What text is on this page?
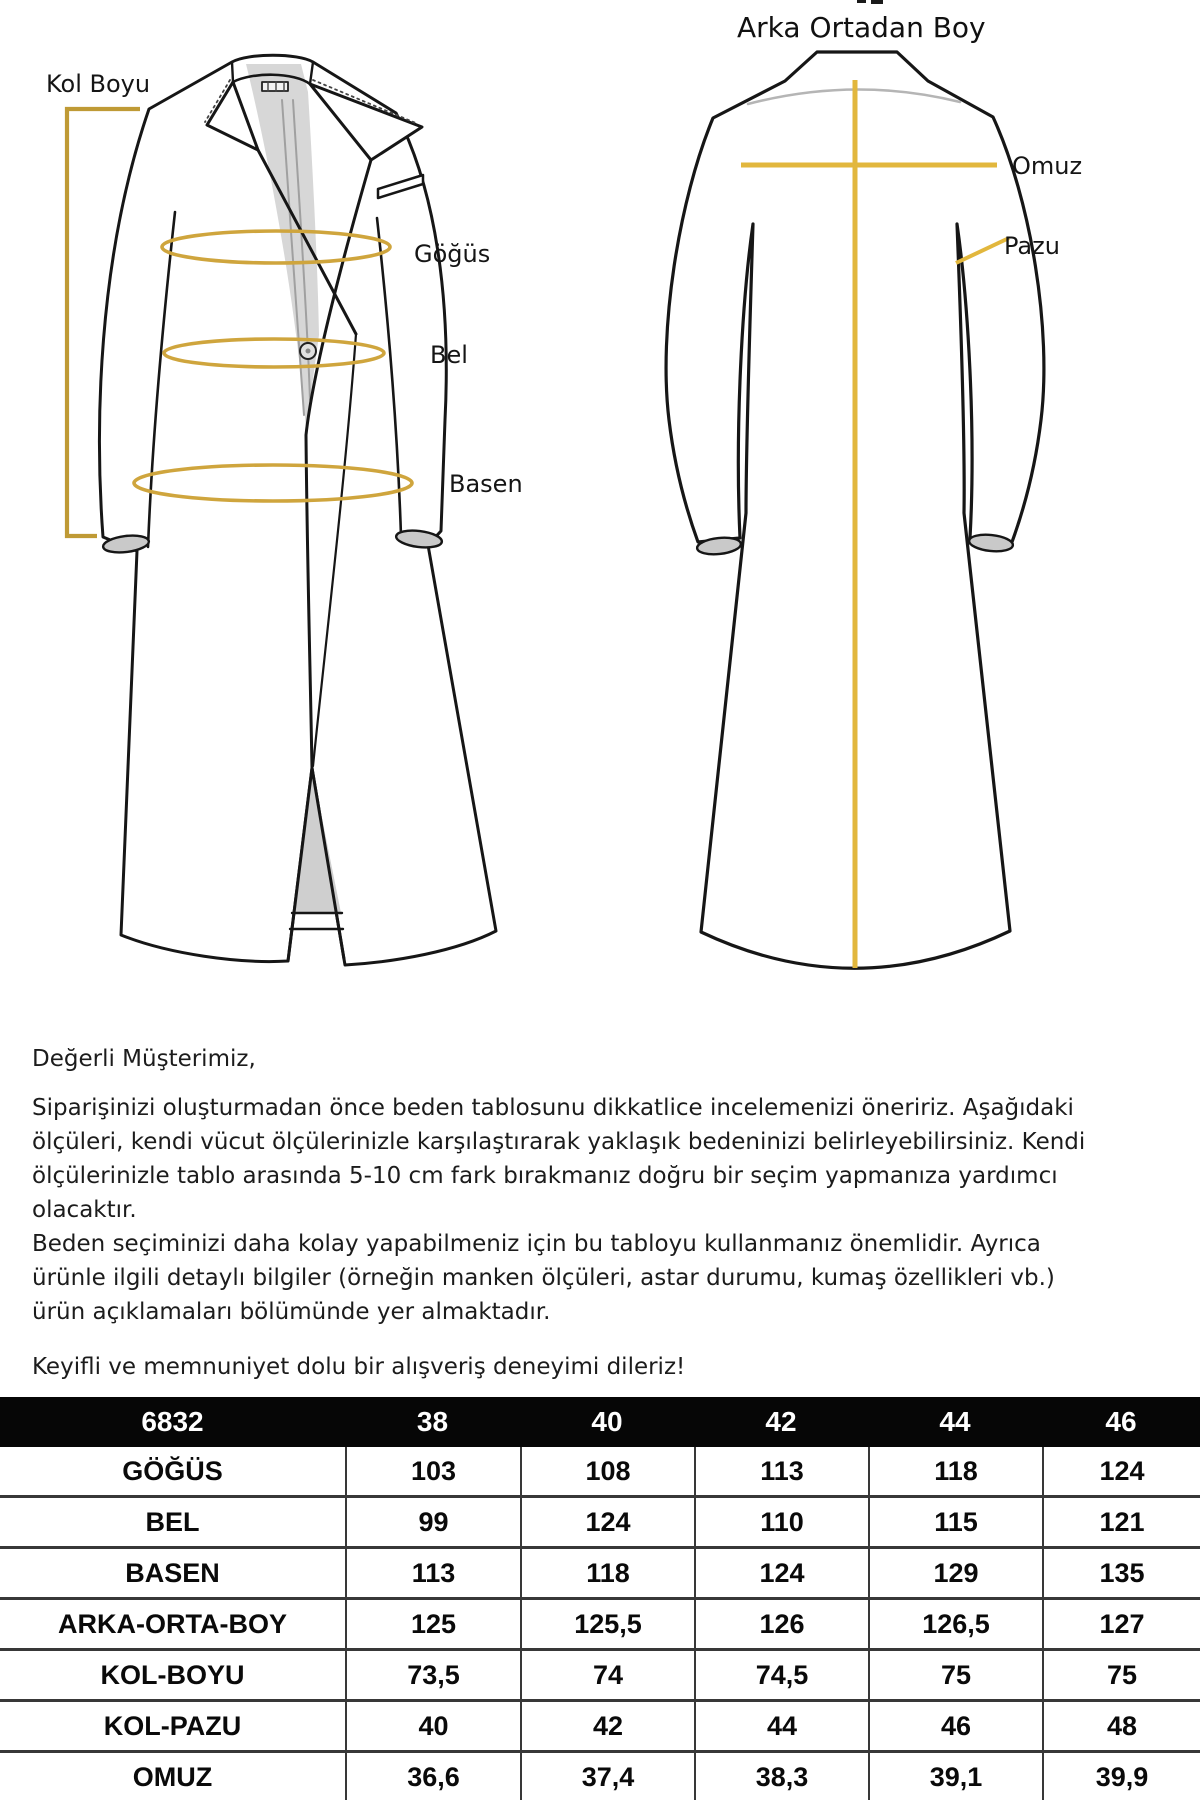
Arka Ortadan Boy
Kol Boyu
Göğüs
Bel
Basen
Omuz
Pazu
Değerli Müşterimiz,
Siparişinizi oluşturmadan önce beden tablosunu dikkatlice incelemenizi öneririz. Aşağıdaki
ölçüleri, kendi vücut ölçülerinizle karşılaştırarak yaklaşık bedeninizi belirleyebilirsiniz. Kendi
ölçülerinizle tablo arasında 5-10 cm fark bırakmanız doğru bir seçim yapmanıza yardımcı
olacaktır.
Beden seçiminizi daha kolay yapabilmeniz için bu tabloyu kullanmanız önemlidir. Ayrıca
ürünle ilgili detaylı bilgiler (örneğin manken ölçüleri, astar durumu, kumaş özellikleri vb.)
ürün açıklamaları bölümünde yer almaktadır.
Keyifli ve memnuniyet dolu bir alışveriş deneyimi dileriz!
6832	38	40	42	44	46
GÖĞÜS	103	108	113	118	124
BEL	99	124	110	115	121
BASEN	113	118	124	129	135
ARKA-ORTA-BOY	125	125,5	126	126,5	127
KOL-BOYU	73,5	74	74,5	75	75
KOL-PAZU	40	42	44	46	48
OMUZ	36,6	37,4	38,3	39,1	39,9
